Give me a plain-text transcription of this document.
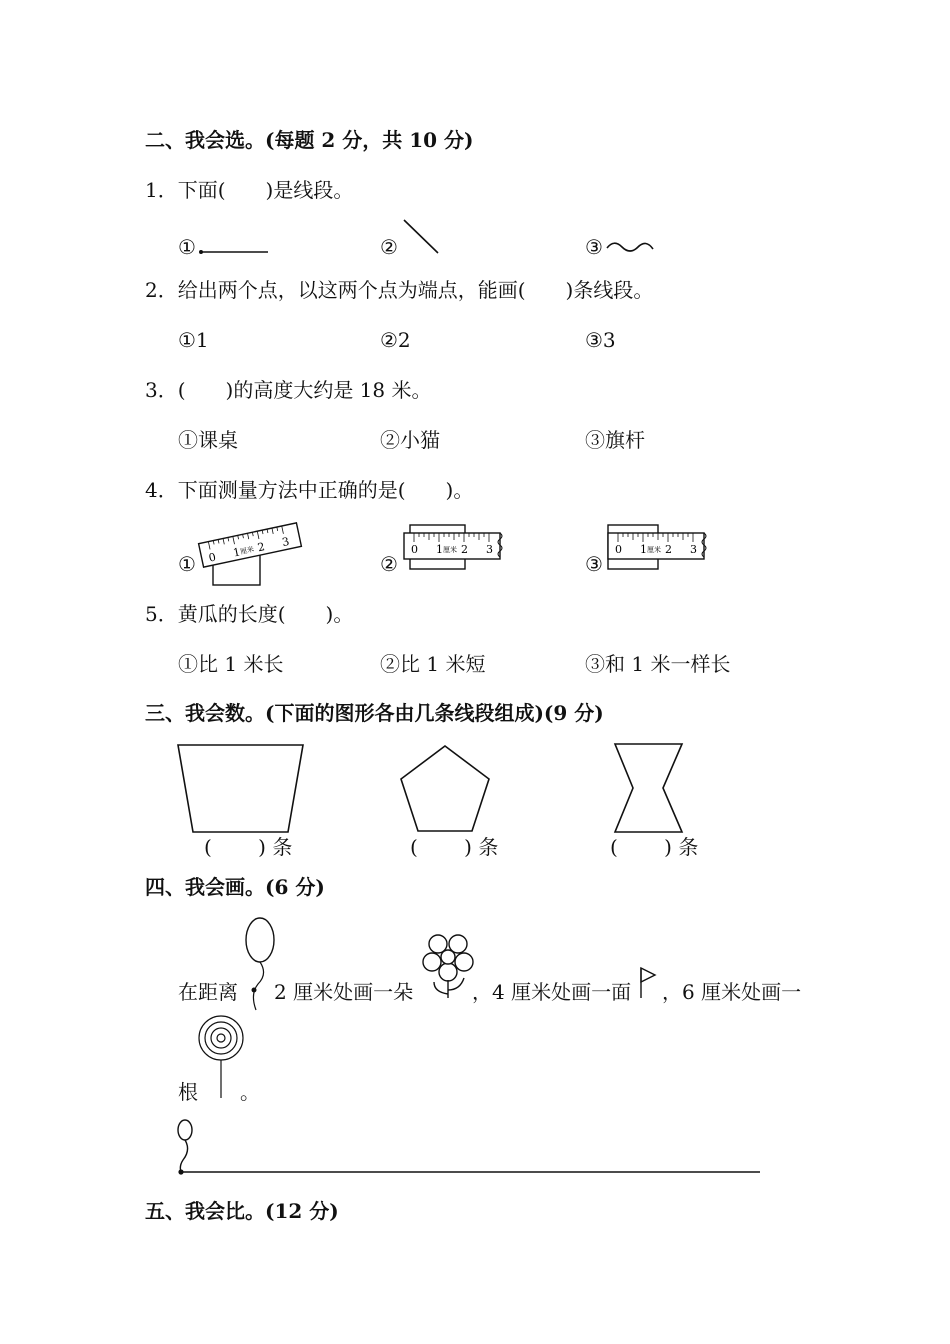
二、我会选。(每题 2 分，共 10 分)
1．下面(　　)是线段。
①	②	③
2．给出两个点，以这两个点为端点，能画(　　)条线段。
①1	②2	③3
3．(　　)的高度大约是 18 米。
①课桌	②小猫	③旗杆
4．下面测量方法中正确的是(　　)。
①	②	③
0 1
厘米 2 3
0 1 厘米 2 3	0 1 厘米 2 3
5．黄瓜的长度(　　)。
①比 1 米长	②比 1 米短	③和 1 米一样长
三、我会数。(下面的图形各由几条线段组成)(9 分)
(　 　) 条	(　 　) 条	(　 　) 条
四、我会画。(6 分)
在距离 2 厘米处画一朵	，4 厘米处画一面 ，6 厘米处画一
根 。
五、我会比。(12 分)
